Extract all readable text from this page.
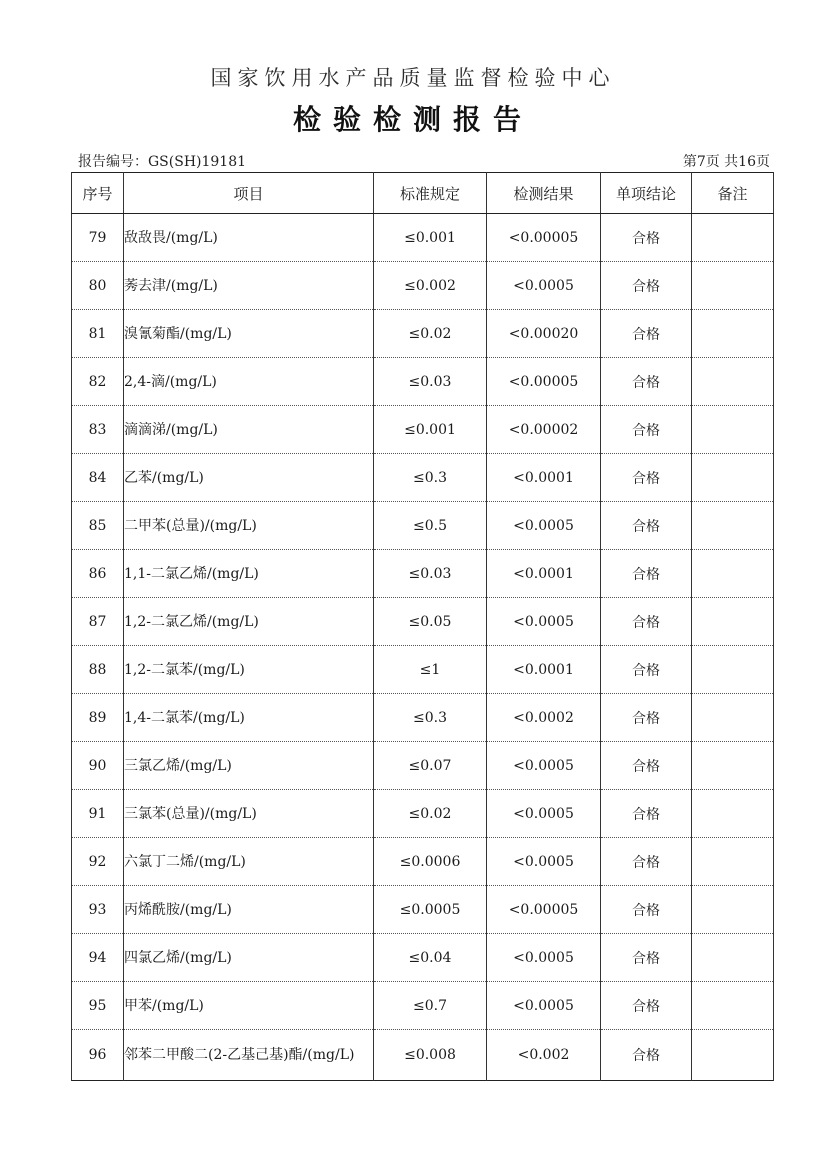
国家饮用水产品质量监督检验中心
检验检测报告
报告编号：GS(SH)19181	第7页 共16页
序号	项目	标准规定	检测结果	单项结论	备注
79	敌敌畏/(mg/L)	≤0.001	<0.00005	合格	
80	莠去津/(mg/L)	≤0.002	<0.0005	合格	
81	溴氰菊酯/(mg/L)	≤0.02	<0.00020	合格	
82	2,4-滴/(mg/L)	≤0.03	<0.00005	合格	
83	滴滴涕/(mg/L)	≤0.001	<0.00002	合格	
84	乙苯/(mg/L)	≤0.3	<0.0001	合格	
85	二甲苯(总量)/(mg/L)	≤0.5	<0.0005	合格	
86	1,1-二氯乙烯/(mg/L)	≤0.03	<0.0001	合格	
87	1,2-二氯乙烯/(mg/L)	≤0.05	<0.0005	合格	
88	1,2-二氯苯/(mg/L)	≤1	<0.0001	合格	
89	1,4-二氯苯/(mg/L)	≤0.3	<0.0002	合格	
90	三氯乙烯/(mg/L)	≤0.07	<0.0005	合格	
91	三氯苯(总量)/(mg/L)	≤0.02	<0.0005	合格	
92	六氯丁二烯/(mg/L)	≤0.0006	<0.0005	合格	
93	丙烯酰胺/(mg/L)	≤0.0005	<0.00005	合格	
94	四氯乙烯/(mg/L)	≤0.04	<0.0005	合格	
95	甲苯/(mg/L)	≤0.7	<0.0005	合格	
96	邻苯二甲酸二(2-乙基己基)酯/(mg/L)	≤0.008	<0.002	合格	
